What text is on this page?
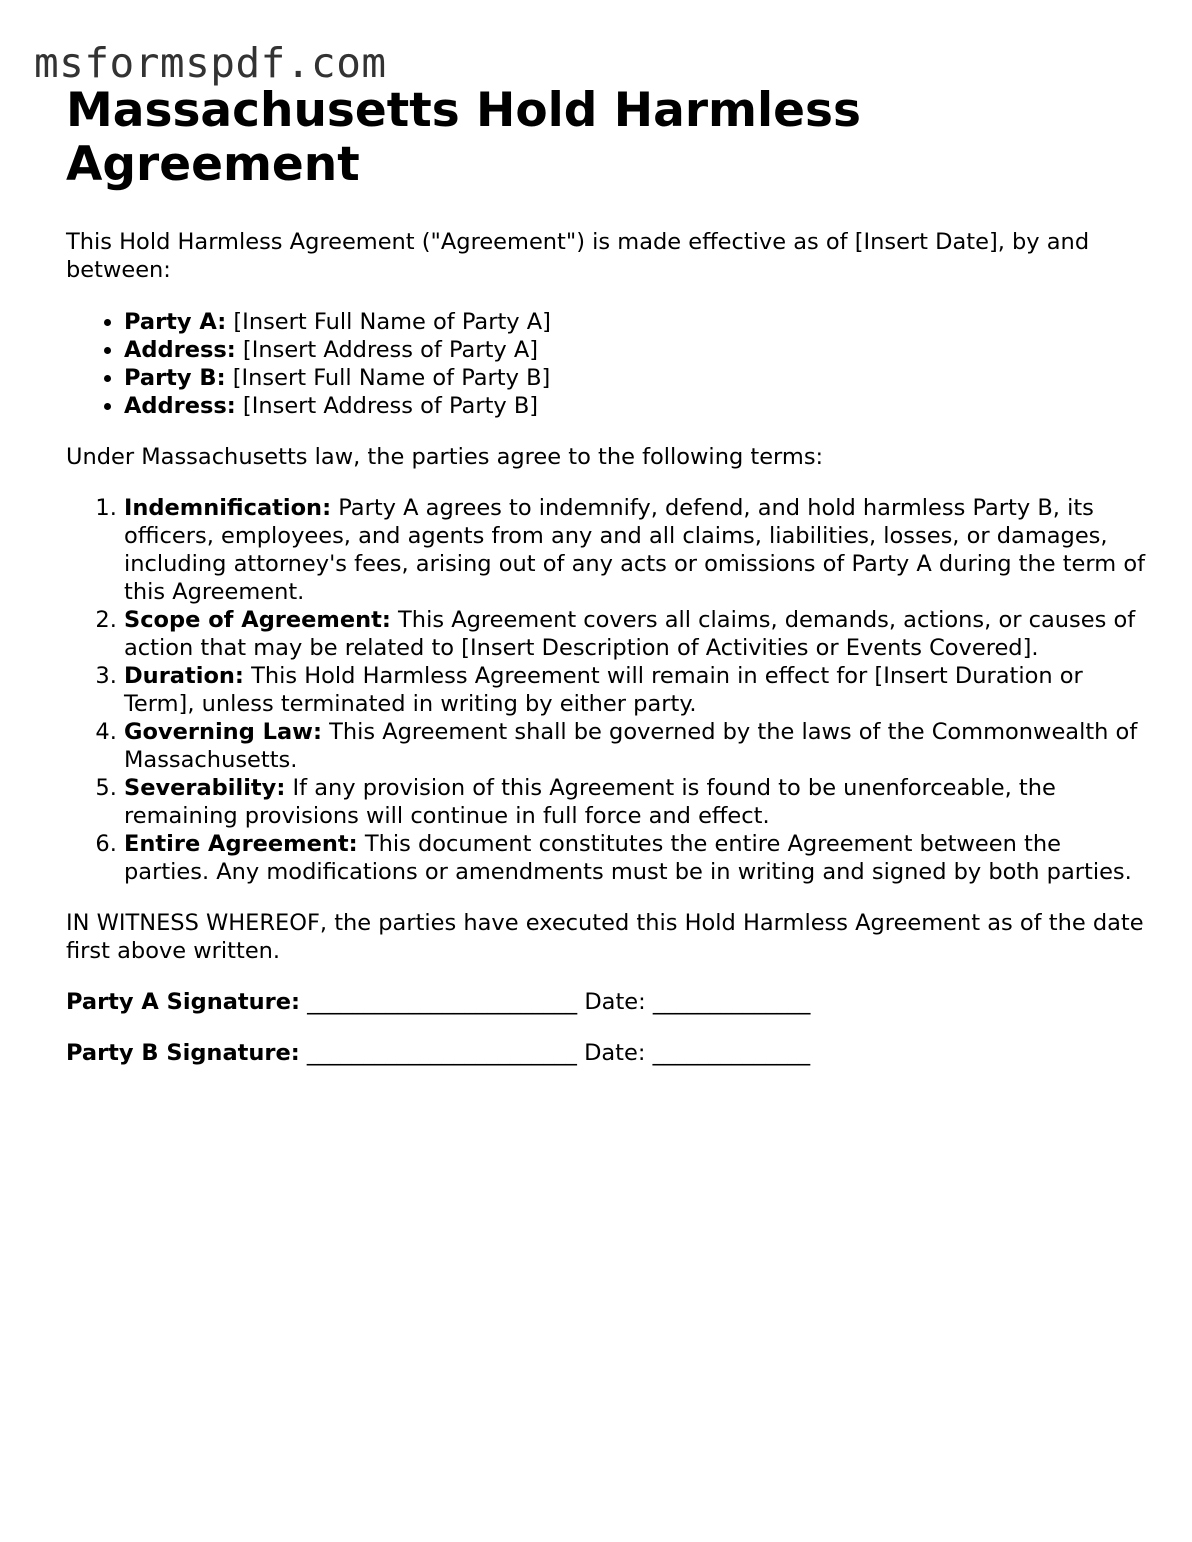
msformspdf.com
Massachusetts Hold Harmless Agreement

This Hold Harmless Agreement ("Agreement") is made effective as of [Insert Date], by and between:

• Party A: [Insert Full Name of Party A]
• Address: [Insert Address of Party A]
• Party B: [Insert Full Name of Party B]
• Address: [Insert Address of Party B]

Under Massachusetts law, the parties agree to the following terms:

1. Indemnification: Party A agrees to indemnify, defend, and hold harmless Party B, its officers, employees, and agents from any and all claims, liabilities, losses, or damages, including attorney's fees, arising out of any acts or omissions of Party A during the term of this Agreement.
2. Scope of Agreement: This Agreement covers all claims, demands, actions, or causes of action that may be related to [Insert Description of Activities or Events Covered].
3. Duration: This Hold Harmless Agreement will remain in effect for [Insert Duration or Term], unless terminated in writing by either party.
4. Governing Law: This Agreement shall be governed by the laws of the Commonwealth of Massachusetts.
5. Severability: If any provision of this Agreement is found to be unenforceable, the remaining provisions will continue in full force and effect.
6. Entire Agreement: This document constitutes the entire Agreement between the parties. Any modifications or amendments must be in writing and signed by both parties.

IN WITNESS WHEREOF, the parties have executed this Hold Harmless Agreement as of the date first above written.

Party A Signature: ________________________ Date: ______________

Party B Signature: ________________________ Date: ______________
